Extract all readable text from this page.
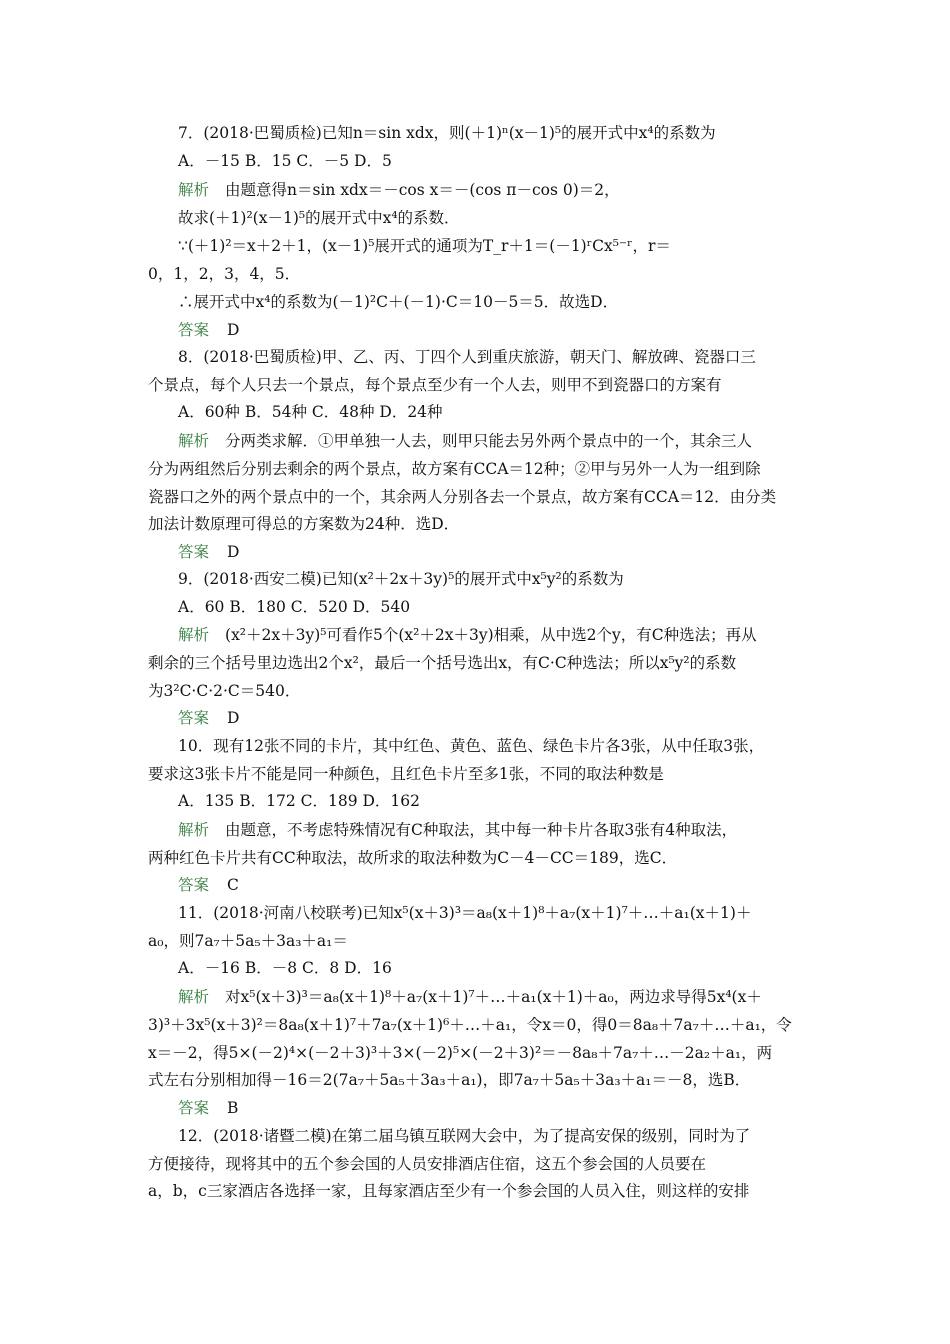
7．(2018·巴蜀质检)已知n＝sin xdx，则(＋1)ⁿ(x－1)⁵的展开式中x⁴的系数为
A．－15 B．15 C．－5 D．5
解析 由题意得n＝sin xdx＝－cos x＝－(cos π－cos 0)＝2，
故求(＋1)²(x－1)⁵的展开式中x⁴的系数．
∵(＋1)²＝x＋2＋1，(x－1)⁵展开式的通项为T_r＋1＝(－1)ʳCx⁵⁻ʳ，r＝
0，1，2，3，4，5．
∴展开式中x⁴的系数为(－1)²C＋(－1)·C＝10－5＝5．故选D．
答案 D
8．(2018·巴蜀质检)甲、乙、丙、丁四个人到重庆旅游，朝天门、解放碑、瓷器口三
个景点，每个人只去一个景点，每个景点至少有一个人去，则甲不到瓷器口的方案有
A．60种 B．54种 C．48种 D．24种
解析 分两类求解．①甲单独一人去，则甲只能去另外两个景点中的一个，其余三人
分为两组然后分别去剩余的两个景点，故方案有CCA＝12种；②甲与另外一人为一组到除
瓷器口之外的两个景点中的一个，其余两人分别各去一个景点，故方案有CCA＝12．由分类
加法计数原理可得总的方案数为24种．选D．
答案 D
9．(2018·西安二模)已知(x²＋2x＋3y)⁵的展开式中x⁵y²的系数为
A．60 B．180 C．520 D．540
解析 (x²＋2x＋3y)⁵可看作5个(x²＋2x＋3y)相乘，从中选2个y，有C种选法；再从
剩余的三个括号里边选出2个x²，最后一个括号选出x，有C·C种选法；所以x⁵y²的系数
为3²C·C·2·C＝540．
答案 D
10．现有12张不同的卡片，其中红色、黄色、蓝色、绿色卡片各3张，从中任取3张，
要求这3张卡片不能是同一种颜色，且红色卡片至多1张，不同的取法种数是
A．135 B．172 C．189 D．162
解析 由题意，不考虑特殊情况有C种取法，其中每一种卡片各取3张有4种取法，
两种红色卡片共有CC种取法，故所求的取法种数为C－4－CC＝189，选C．
答案 C
11．(2018·河南八校联考)已知x⁵(x＋3)³＝a₈(x＋1)⁸＋a₇(x＋1)⁷＋…＋a₁(x＋1)＋
a₀，则7a₇＋5a₅＋3a₃＋a₁＝
A．－16 B．－8 C．8 D．16
解析 对x⁵(x＋3)³＝a₈(x＋1)⁸＋a₇(x＋1)⁷＋…＋a₁(x＋1)＋a₀，两边求导得5x⁴(x＋
3)³＋3x⁵(x＋3)²＝8a₈(x＋1)⁷＋7a₇(x＋1)⁶＋…＋a₁，令x＝0，得0＝8a₈＋7a₇＋…＋a₁，令
x＝－2，得5×(－2)⁴×(－2＋3)³＋3×(－2)⁵×(－2＋3)²＝－8a₈＋7a₇＋…－2a₂＋a₁，两
式左右分别相加得－16＝2(7a₇＋5a₅＋3a₃＋a₁)，即7a₇＋5a₅＋3a₃＋a₁＝－8，选B．
答案 B
12．(2018·诸暨二模)在第二届乌镇互联网大会中，为了提高安保的级别，同时为了
方便接待，现将其中的五个参会国的人员安排酒店住宿，这五个参会国的人员要在
a，b，c三家酒店各选择一家，且每家酒店至少有一个参会国的人员入住，则这样的安排
